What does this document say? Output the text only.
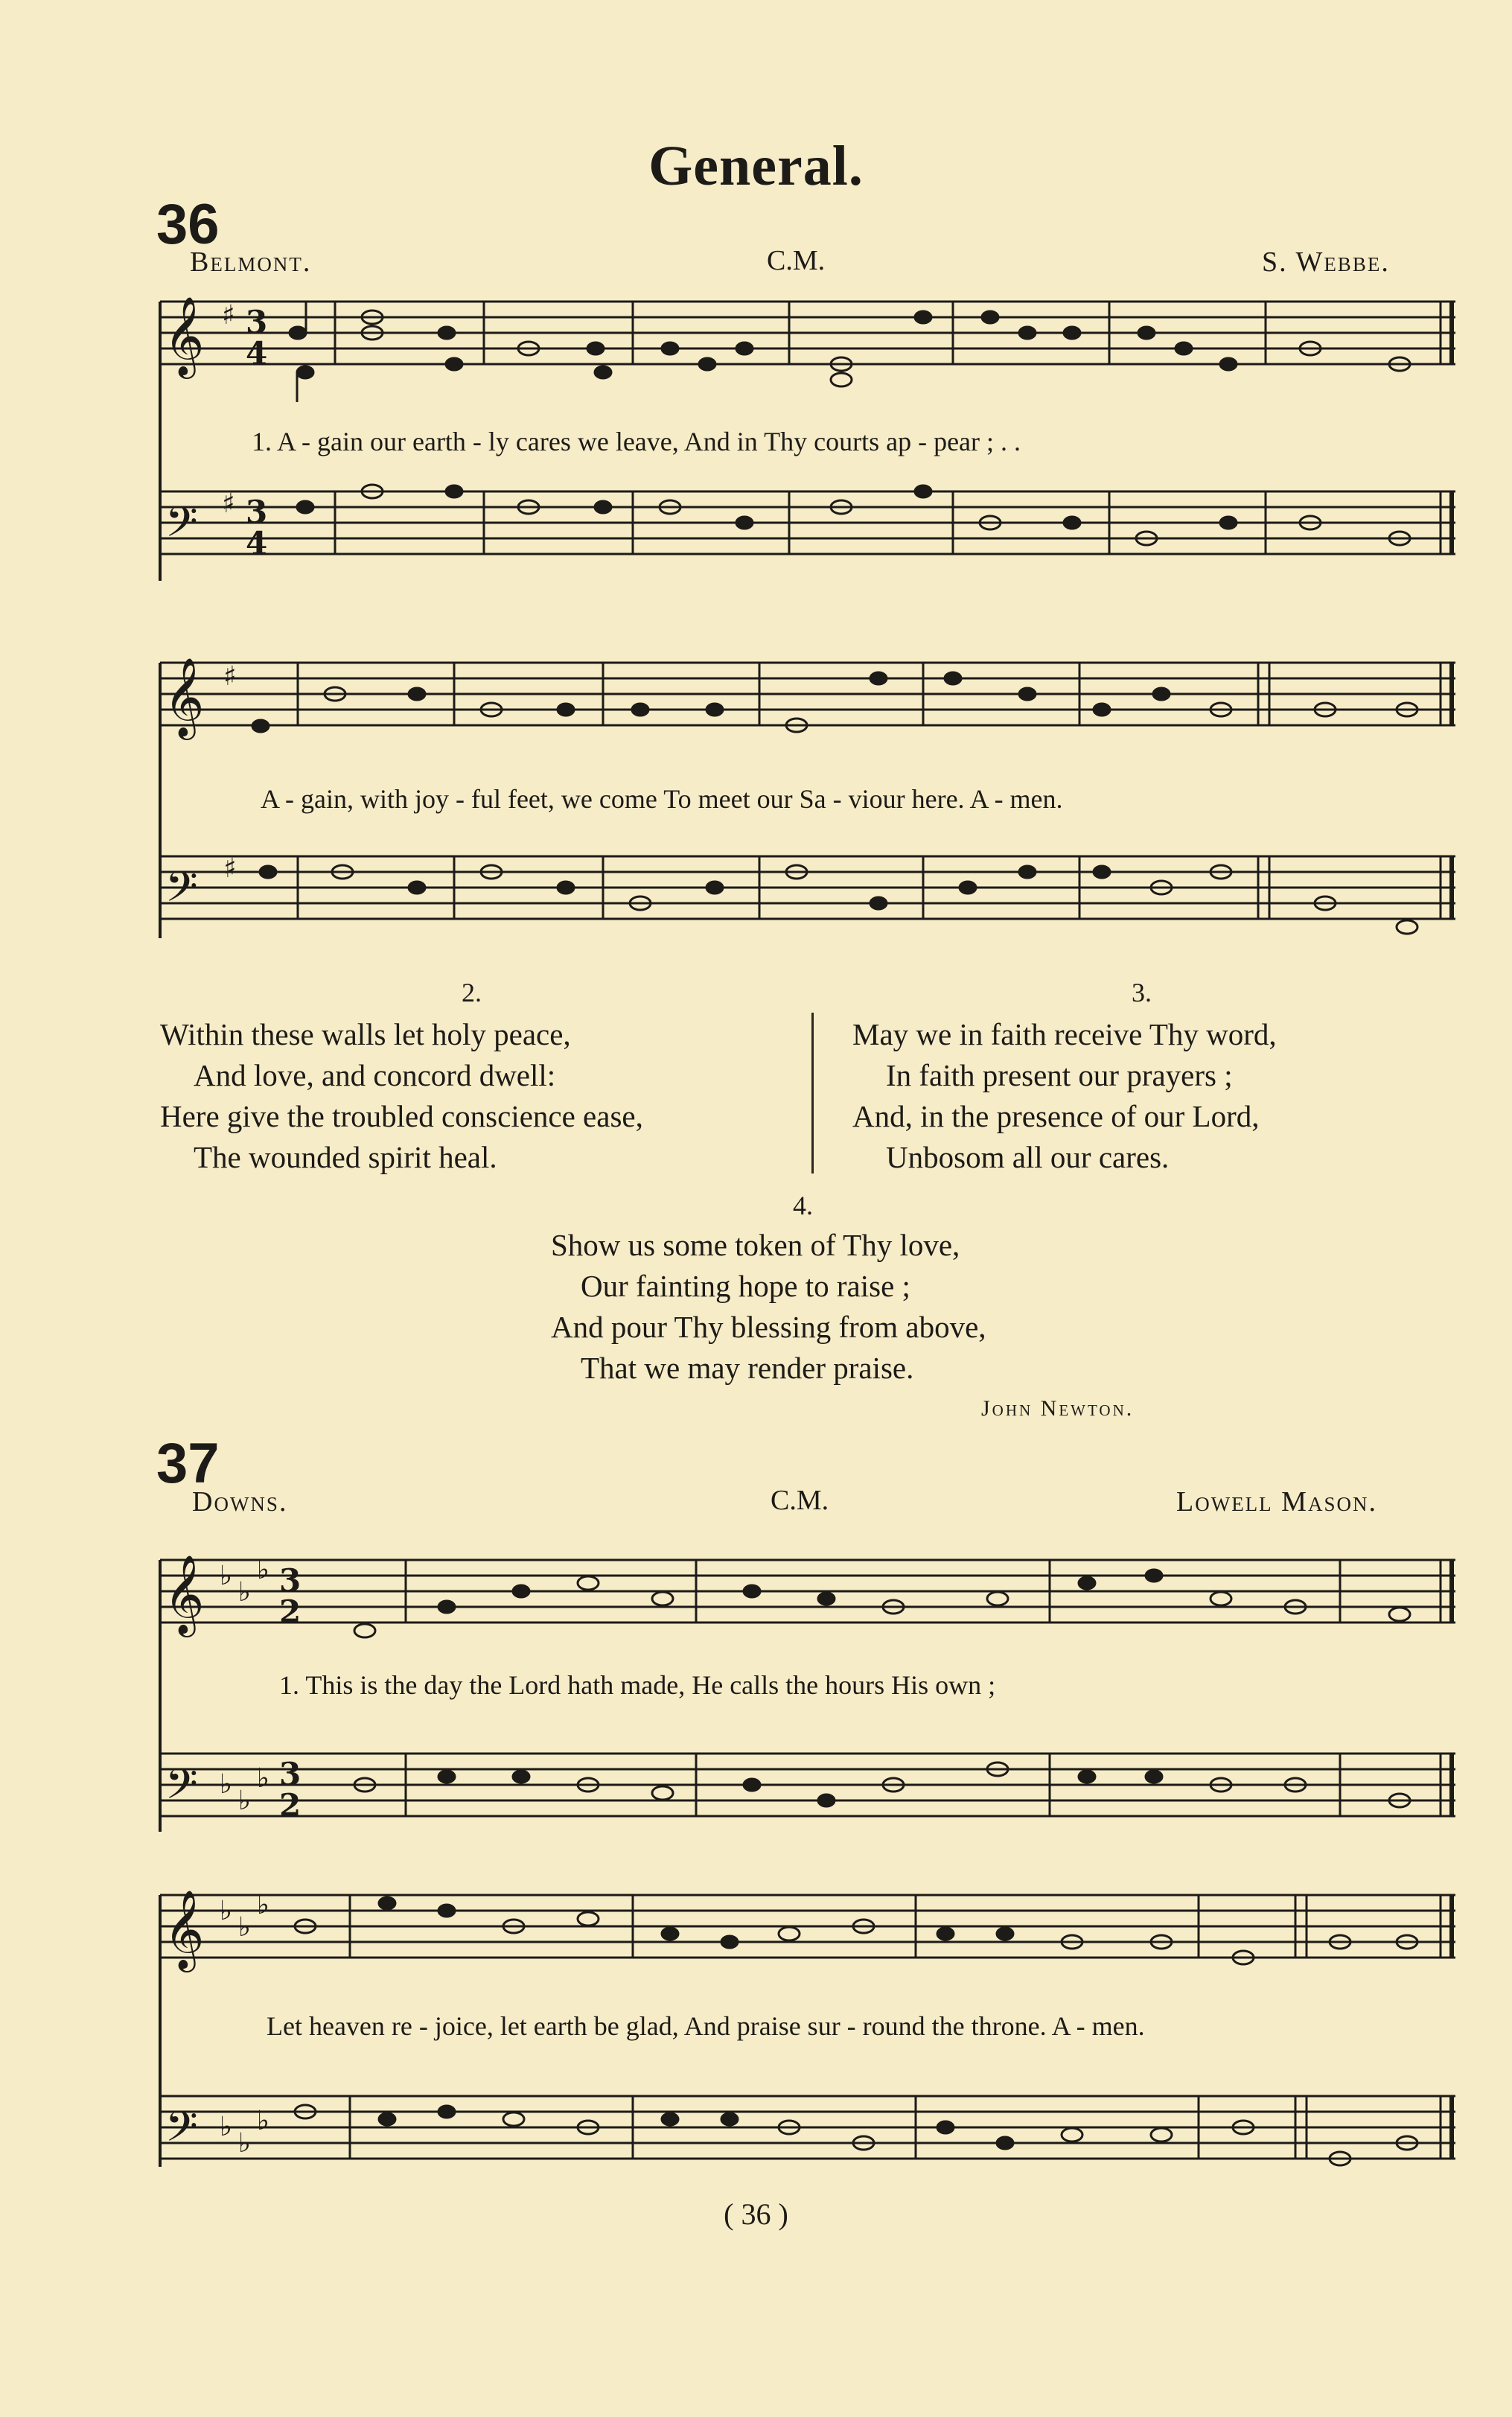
General.
36
Belmont.	C.M.	S. Webbe.
𝄞
𝄢
♯
♯
3
4
3
4
𝄞
𝄢
♯
♯
1. A - gain our earth - ly cares we leave, And in Thy courts ap - pear ; . .
A - gain, with joy - ful feet, we come To meet our Sa - viour here. A - men.
2.
Within these walls let holy peace,
And love, and concord dwell:
Here give the troubled conscience ease,
The wounded spirit heal.
3.
May we in faith receive Thy word,
In faith present our prayers ;
And, in the presence of our Lord,
Unbosom all our cares.
4.
Show us some token of Thy love,
Our fainting hope to raise ;
And pour Thy blessing from above,
That we may render praise.
John Newton.
37
Downs.	C.M.	Lowell Mason.
𝄞
𝄢
♭
♭
♭
♭
♭
♭
3
2
3
2
𝄞
𝄢
♭
♭
♭
♭
♭
♭
1. This is the day the Lord hath made, He calls the hours His own ;
Let heaven re - joice, let earth be glad, And praise sur - round the throne. A - men.
( 36 )
